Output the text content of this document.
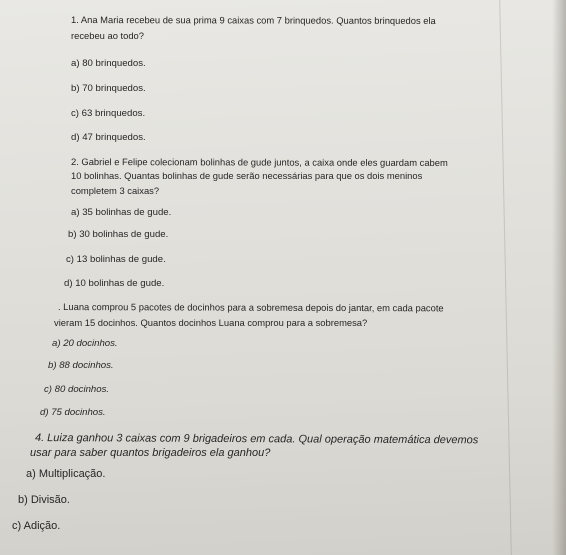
1. Ana Maria recebeu de sua prima 9 caixas com 7 brinquedos. Quantos brinquedos ela

recebeu ao todo?

a) 80 brinquedos.

b) 70 brinquedos.

c) 63 brinquedos.

d) 47 brinquedos.

2. Gabriel e Felipe colecionam bolinhas de gude juntos, a caixa onde eles guardam cabem

10 bolinhas. Quantas bolinhas de gude serão necessárias para que os dois meninos

completem 3 caixas?

a) 35 bolinhas de gude.

b) 30 bolinhas de gude.

c) 13 bolinhas de gude.

d) 10 bolinhas de gude.

. Luana comprou 5 pacotes de docinhos para a sobremesa depois do jantar, em cada pacote

vieram 15 docinhos. Quantos docinhos Luana comprou para a sobremesa?

a) 20 docinhos.

b) 88 docinhos.

c) 80 docinhos.

d) 75 docinhos.

4. Luiza ganhou 3 caixas com 9 brigadeiros em cada. Qual operação matemática devemos

usar para saber quantos brigadeiros ela ganhou?

a) Multiplicação.

b) Divisão.

c) Adição.
